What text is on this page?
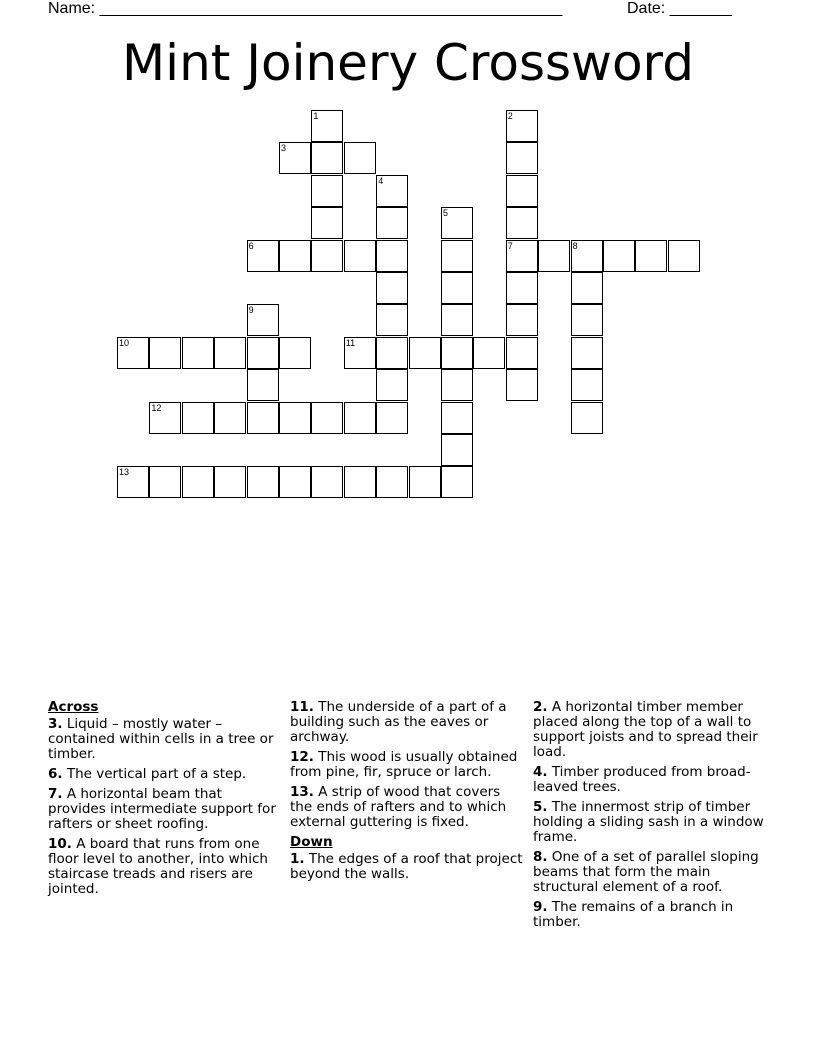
Name: ____________________________________________________	Date: _______
Mint Joinery Crossword
1	2
3
4
5
6	7	8
9
10	11
12
13
Across
3. Liquid – mostly water – contained within cells in a tree or timber.
6. The vertical part of a step.
7. A horizontal beam that provides intermediate support for rafters or sheet roofing.
10. A board that runs from one floor level to another, into which staircase treads and risers are jointed.
11. The underside of a part of a building such as the eaves or archway.
12. This wood is usually obtained from pine, fir, spruce or larch.
13. A strip of wood that covers the ends of rafters and to which external guttering is fixed.
Down
1. The edges of a roof that project beyond the walls.
2. A horizontal timber member placed along the top of a wall to support joists and to spread their load.
4. Timber produced from broad-leaved trees.
5. The innermost strip of timber holding a sliding sash in a window frame.
8. One of a set of parallel sloping beams that form the main structural element of a roof.
9. The remains of a branch in timber.
